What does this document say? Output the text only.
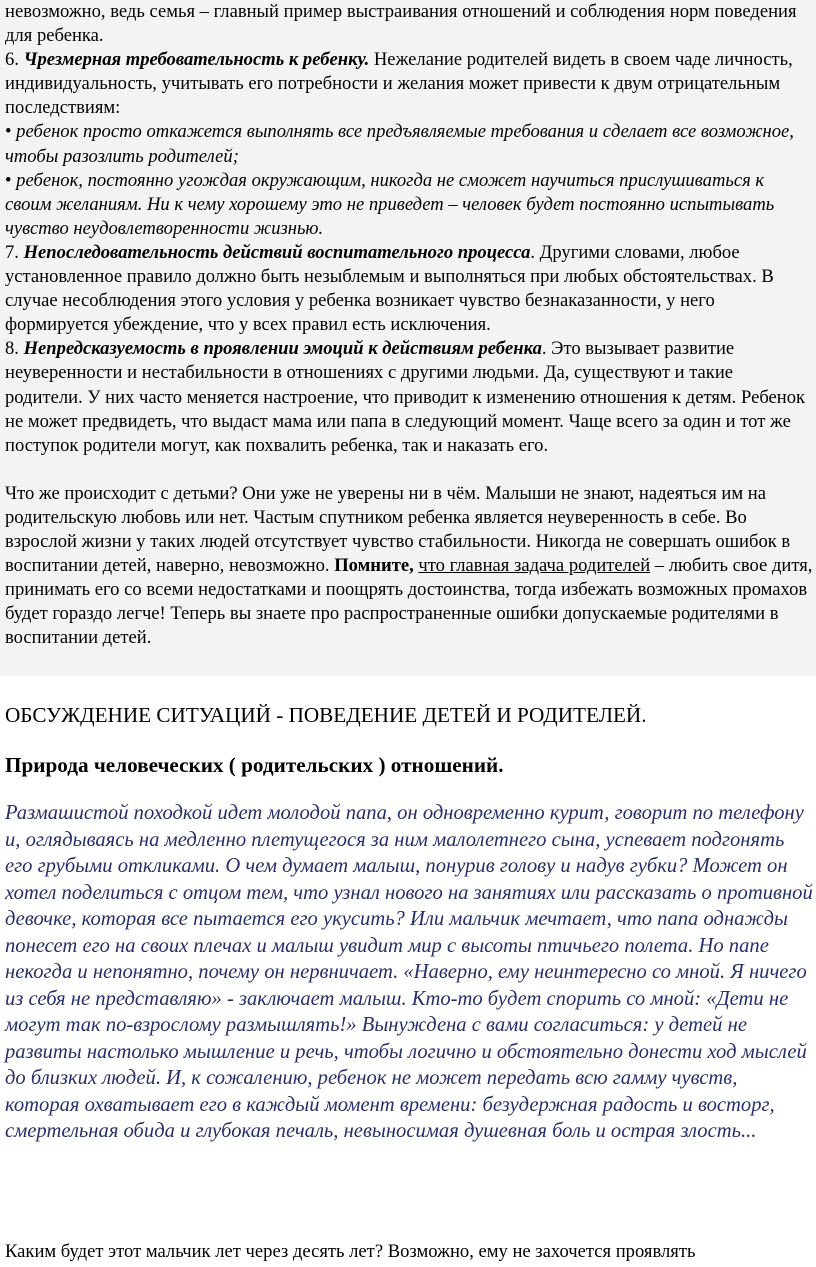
невозможно, ведь семья – главный пример выстраивания отношений и соблюдения норм поведения для ребенка.

6. Чрезмерная требовательность к ребенку. Нежелание родителей видеть в своем чаде личность, индивидуальность, учитывать его потребности и желания может привести к двум отрицательным последствиям:

• ребенок просто откажется выполнять все предъявляемые требования и сделает все возможное, чтобы разозлить родителей;

• ребенок, постоянно угождая окружающим, никогда не сможет научиться прислушиваться к своим желаниям. Ни к чему хорошему это не приведет – человек будет постоянно испытывать чувство неудовлетворенности жизнью.

7. Непоследовательность действий воспитательного процесса. Другими словами, любое установленное правило должно быть незыблемым и выполняться при любых обстоятельствах. В случае несоблюдения этого условия у ребенка возникает чувство безнаказанности, у него формируется убеждение, что у всех правил есть исключения.

8. Непредсказуемость в проявлении эмоций к действиям ребенка. Это вызывает развитие неуверенности и нестабильности в отношениях с другими людьми. Да, существуют и такие родители. У них часто меняется настроение, что приводит к изменению отношения к детям. Ребенок не может предвидеть, что выдаст мама или папа в следующий момент. Чаще всего за один и тот же поступок родители могут, как похвалить ребенка, так и наказать его.

Что же происходит с детьми? Они уже не уверены ни в чём. Малыши не знают, надеяться им на родительскую любовь или нет. Частым спутником ребенка является неуверенность в себе. Во взрослой жизни у таких людей отсутствует чувство стабильности. Никогда не совершать ошибок в воспитании детей, наверно, невозможно. Помните, что главная задача родителей – любить свое дитя, принимать его со всеми недостатками и поощрять достоинства, тогда избежать возможных промахов будет гораздо легче! Теперь вы знаете про распространенные ошибки допускаемые родителями в воспитании детей.

ОБСУЖДЕНИЕ СИТУАЦИЙ - ПОВЕДЕНИЕ ДЕТЕЙ И РОДИТЕЛЕЙ.
Природа человеческих ( родительских ) отношений.

Размашистой походкой идет молодой папа, он одновременно курит, говорит по телефону и, оглядываясь на медленно плетущегося за ним малолетнего сына, успевает подгонять его грубыми откликами. О чем думает малыш, понурив голову и надув губки? Может он хотел поделиться с отцом тем, что узнал нового на занятиях или рассказать о противной девочке, которая все пытается его укусить? Или мальчик мечтает, что папа однажды понесет его на своих плечах и малыш увидит мир с высоты птичьего полета. Но папе некогда и непонятно, почему он нервничает. «Наверно, ему неинтересно со мной. Я ничего из себя не представляю» - заключает малыш. Кто-то будет спорить со мной: «Дети не могут так по-взрослому размышлять!» Вынуждена с вами согласиться: у детей не развиты настолько мышление и речь, чтобы логично и обстоятельно донести ход мыслей до близких людей. И, к сожалению, ребенок не может передать всю гамму чувств, которая охватывает его в каждый момент времени: безудержная радость и восторг, смертельная обида и глубокая печаль, невыносимая душевная боль и острая злость...

Каким будет этот мальчик лет через десять лет? Возможно, ему не захочется проявлять
